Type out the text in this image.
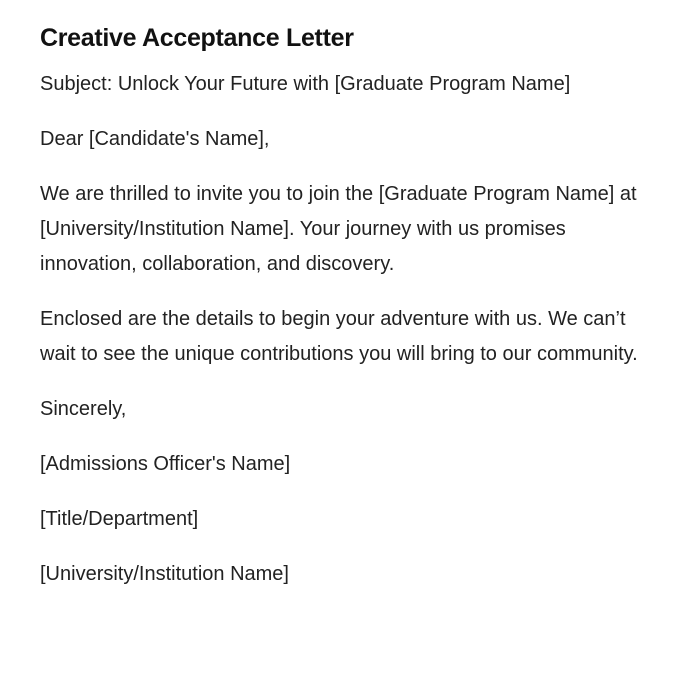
Creative Acceptance Letter

Subject: Unlock Your Future with [Graduate Program Name]

Dear [Candidate's Name],

We are thrilled to invite you to join the [Graduate Program Name] at [University/Institution Name]. Your journey with us promises innovation, collaboration, and discovery.

Enclosed are the details to begin your adventure with us. We can’t wait to see the unique contributions you will bring to our community.

Sincerely,

[Admissions Officer's Name]

[Title/Department]

[University/Institution Name]
